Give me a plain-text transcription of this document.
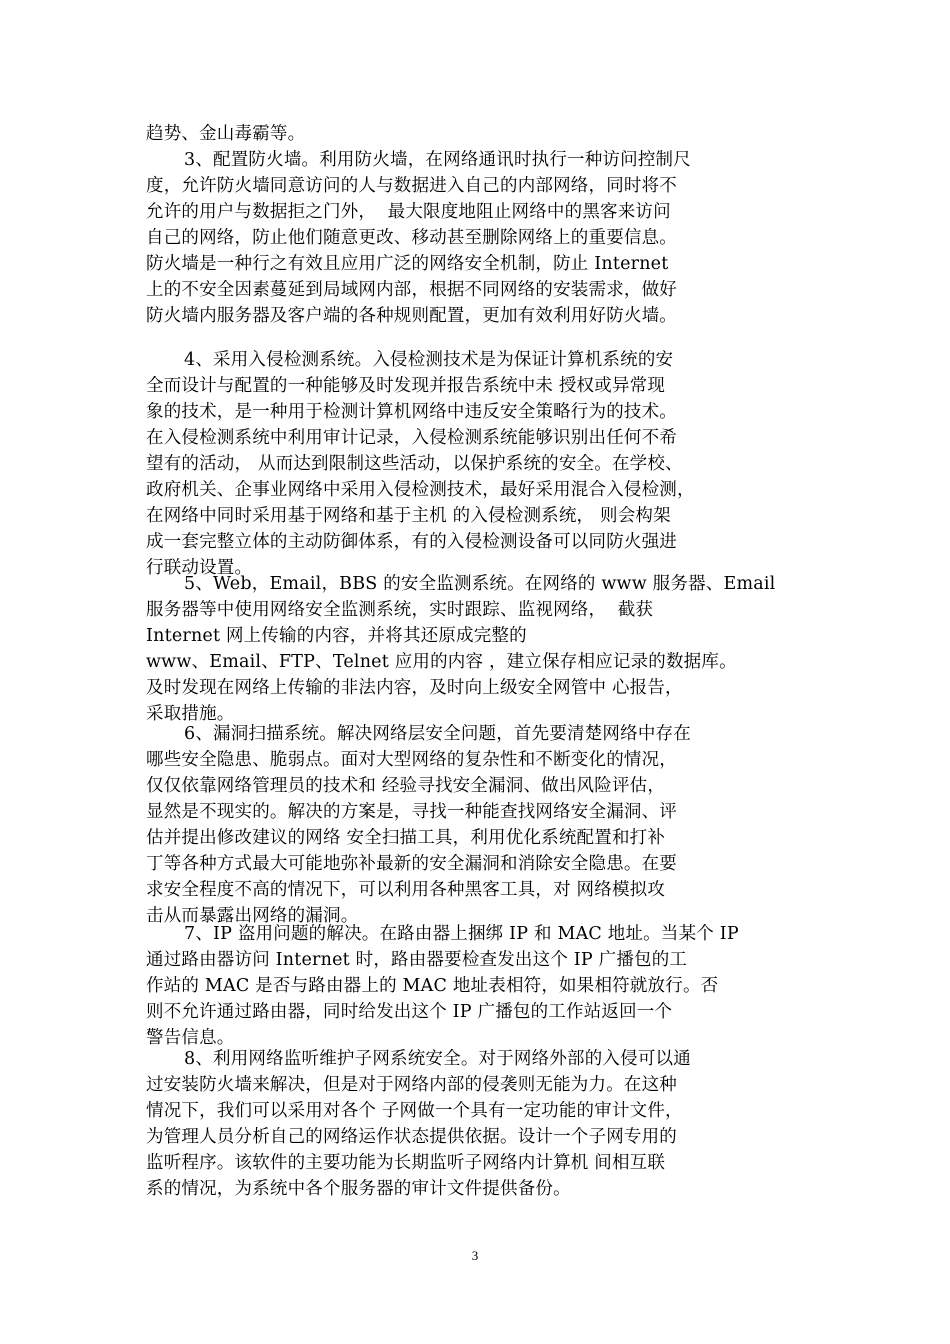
趋势、金山毒霸等。
3、配置防火墙。利用防火墙，在网络通讯时执行一种访问控制尺
度，允许防火墙同意访问的人与数据进入自己的内部网络，同时将不
允许的用户与数据拒之门外，  最大限度地阻止网络中的黑客来访问
自己的网络，防止他们随意更改、移动甚至删除网络上的重要信息。
防火墙是一种行之有效且应用广泛的网络安全机制，防止 Internet
上的不安全因素蔓延到局域网内部，根据不同网络的安装需求，做好
防火墙内服务器及客户端的各种规则配置，更加有效利用好防火墙。
4、采用入侵检测系统。入侵检测技术是为保证计算机系统的安
全而设计与配置的一种能够及时发现并报告系统中未 授权或异常现
象的技术，是一种用于检测计算机网络中违反安全策略行为的技术。
在入侵检测系统中利用审计记录，入侵检测系统能够识别出任何不希
望有的活动， 从而达到限制这些活动，以保护系统的安全。在学校、
政府机关、企事业网络中采用入侵检测技术，最好采用混合入侵检测，
在网络中同时采用基于网络和基于主机 的入侵检测系统， 则会构架
成一套完整立体的主动防御体系，有的入侵检测设备可以同防火强进
行联动设置。
5、Web，Email，BBS 的安全监测系统。在网络的 www 服务器、Email
服务器等中使用网络安全监测系统，实时跟踪、监视网络，  截获
Internet 网上传输的内容，并将其还原成完整的
www、Email、FTP、Telnet 应用的内容 ，建立保存相应记录的数据库。
及时发现在网络上传输的非法内容，及时向上级安全网管中 心报告，
采取措施。
6、漏洞扫描系统。解决网络层安全问题，首先要清楚网络中存在
哪些安全隐患、脆弱点。面对大型网络的复杂性和不断变化的情况，
仅仅依靠网络管理员的技术和 经验寻找安全漏洞、做出风险评估，
显然是不现实的。解决的方案是，寻找一种能查找网络安全漏洞、评
估并提出修改建议的网络 安全扫描工具，利用优化系统配置和打补
丁等各种方式最大可能地弥补最新的安全漏洞和消除安全隐患。在要
求安全程度不高的情况下，可以利用各种黑客工具，对 网络模拟攻
击从而暴露出网络的漏洞。
7、IP 盗用问题的解决。在路由器上捆绑 IP 和 MAC 地址。当某个 IP
通过路由器访问 Internet 时，路由器要检查发出这个 IP 广播包的工
作站的 MAC 是否与路由器上的 MAC 地址表相符，如果相符就放行。否
则不允许通过路由器，同时给发出这个 IP 广播包的工作站返回一个
警告信息。
8、利用网络监听维护子网系统安全。对于网络外部的入侵可以通
过安装防火墙来解决，但是对于网络内部的侵袭则无能为力。在这种
情况下，我们可以采用对各个 子网做一个具有一定功能的审计文件，
为管理人员分析自己的网络运作状态提供依据。设计一个子网专用的
监听程序。该软件的主要功能为长期监听子网络内计算机 间相互联
系的情况，为系统中各个服务器的审计文件提供备份。
3
